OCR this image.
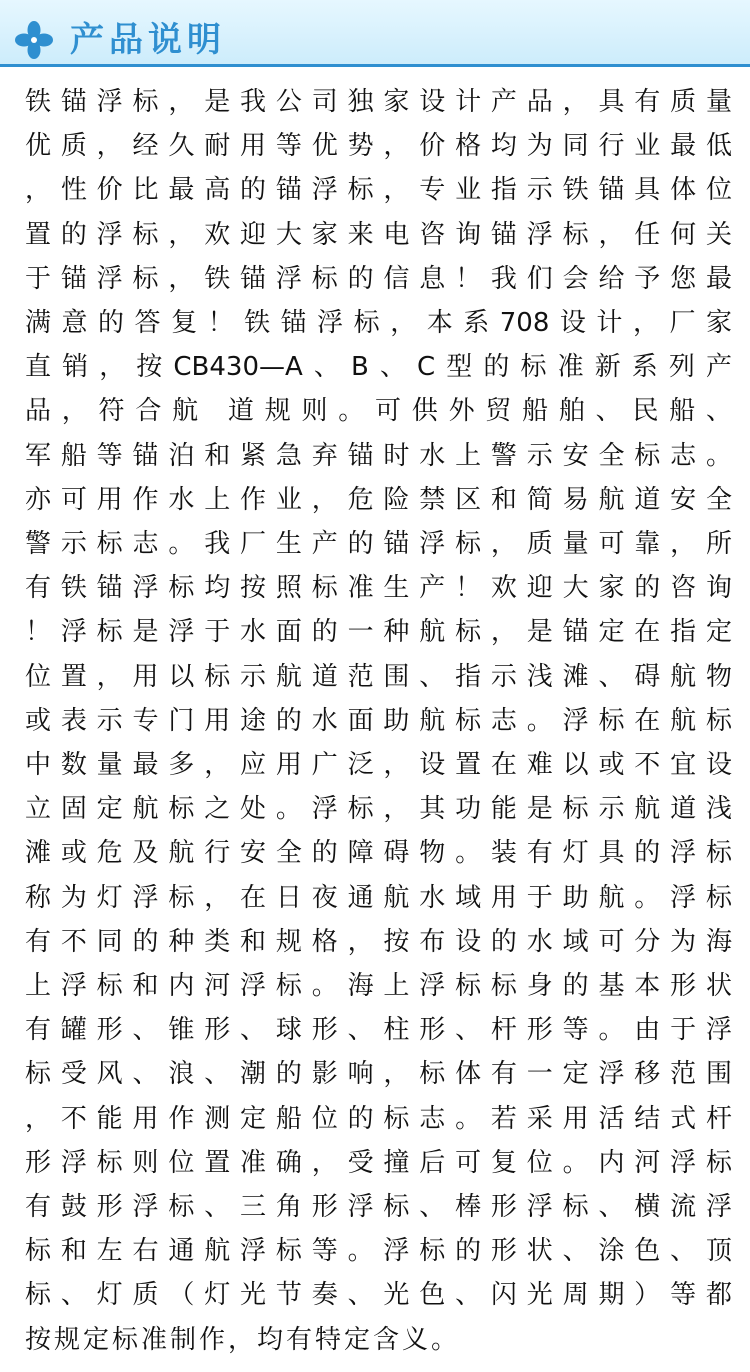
产品说明
铁锚浮标，是我公司独家设计产品，具有质量
优质，经久耐用等优势，价格均为同行业最低
，性价比最高的锚浮标，专业指示铁锚具体位
置的浮标，欢迎大家来电咨询锚浮标，任何关
于锚浮标，铁锚浮标的信息！我们会给予您最
满意的答复！铁锚浮标，本系708设计，厂家
直销，按CB430—A、B、C型的标准新系列产
品，符合航 道规则。可供外贸船舶、民船、
军船等锚泊和紧急弃锚时水上警示安全标志。
亦可用作水上作业，危险禁区和简易航道安全
警示标志。我厂生产的锚浮标，质量可靠，所
有铁锚浮标均按照标准生产！欢迎大家的咨询
！浮标是浮于水面的一种航标，是锚定在指定
位置，用以标示航道范围、指示浅滩、碍航物
或表示专门用途的水面助航标志。浮标在航标
中数量最多，应用广泛，设置在难以或不宜设
立固定航标之处。浮标，其功能是标示航道浅
滩或危及航行安全的障碍物。装有灯具的浮标
称为灯浮标，在日夜通航水域用于助航。浮标
有不同的种类和规格，按布设的水域可分为海
上浮标和内河浮标。海上浮标标身的基本形状
有罐形、锥形、球形、柱形、杆形等。由于浮
标受风、浪、潮的影响，标体有一定浮移范围
，不能用作测定船位的标志。若采用活结式杆
形浮标则位置准确，受撞后可复位。内河浮标
有鼓形浮标、三角形浮标、棒形浮标、横流浮
标和左右通航浮标等。浮标的形状、涂色、顶
标、灯质（灯光节奏、光色、闪光周期）等都
按规定标准制作，均有特定含义。
